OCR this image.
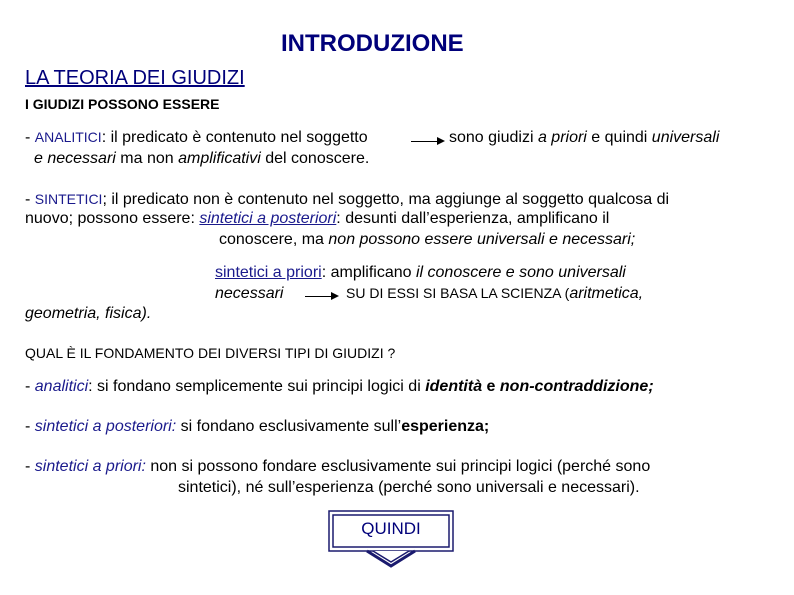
INTRODUZIONE
LA TEORIA DEI GIUDIZI
I GIUDIZI POSSONO ESSERE
- ANALITICI: il predicato è contenuto nel soggetto	sono giudizi a priori e quindi universali
e necessari ma non amplificativi del conoscere.
- SINTETICI; il predicato non è contenuto nel soggetto, ma aggiunge al soggetto qualcosa di
nuovo; possono essere: sintetici a posteriori: desunti dall’esperienza, amplificano il
conoscere, ma non possono essere universali e necessari;
sintetici a priori: amplificano il conoscere e sono universali
necessari	SU DI ESSI SI BASA LA SCIENZA (aritmetica,
geometria, fisica).
QUAL È IL FONDAMENTO DEI DIVERSI TIPI DI GIUDIZI ?
- analitici: si fondano semplicemente sui principi logici di identità e non-contraddizione;
- sintetici a posteriori: si fondano esclusivamente sull’esperienza;
- sintetici a priori: non si possono fondare esclusivamente sui principi logici (perché sono
sintetici), né sull’esperienza (perché sono universali e necessari).
QUINDI
